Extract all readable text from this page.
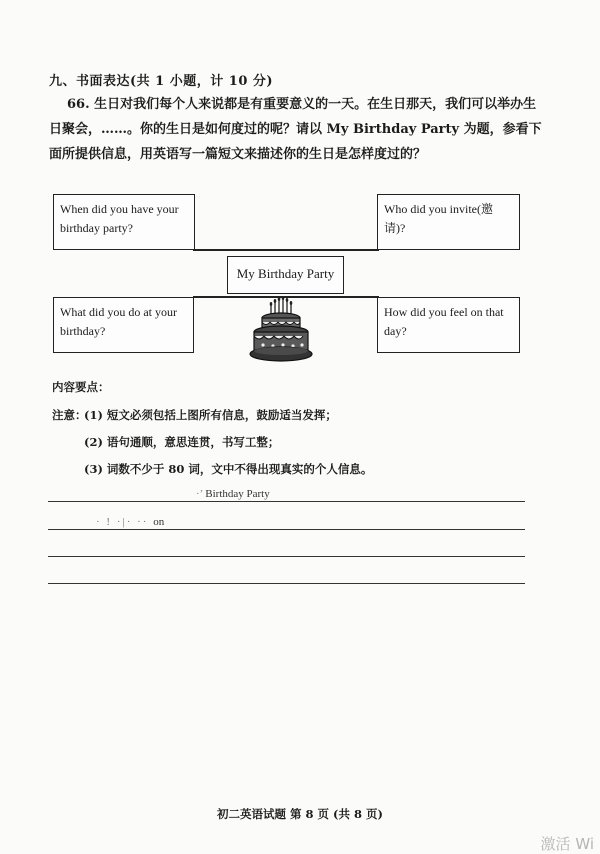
九、书面表达(共 1 小题，计 10 分)
66. 生日对我们每个人来说都是有重要意义的一天。在生日那天，我们可以举办生日聚会，……。你的生日是如何度过的呢？请以 My Birthday Party 为题，参看下面所提供信息，用英语写一篇短文来描述你的生日是怎样度过的？
When did you have your birthday party?
Who did you invite(邀请)?
My Birthday Party
What did you do at your birthday?
How did you feel on that day?
内容要点：
注意：
(1) 短文必须包括上图所有信息，鼓励适当发挥；
(2) 语句通顺，意思连贯，书写工整；
(3) 词数不少于 80 词，文中不得出现真实的个人信息。
·’ Birthday Party
· ! ·|· ·· on
初二英语试题 第 8 页 (共 8 页)
激活 Wi
